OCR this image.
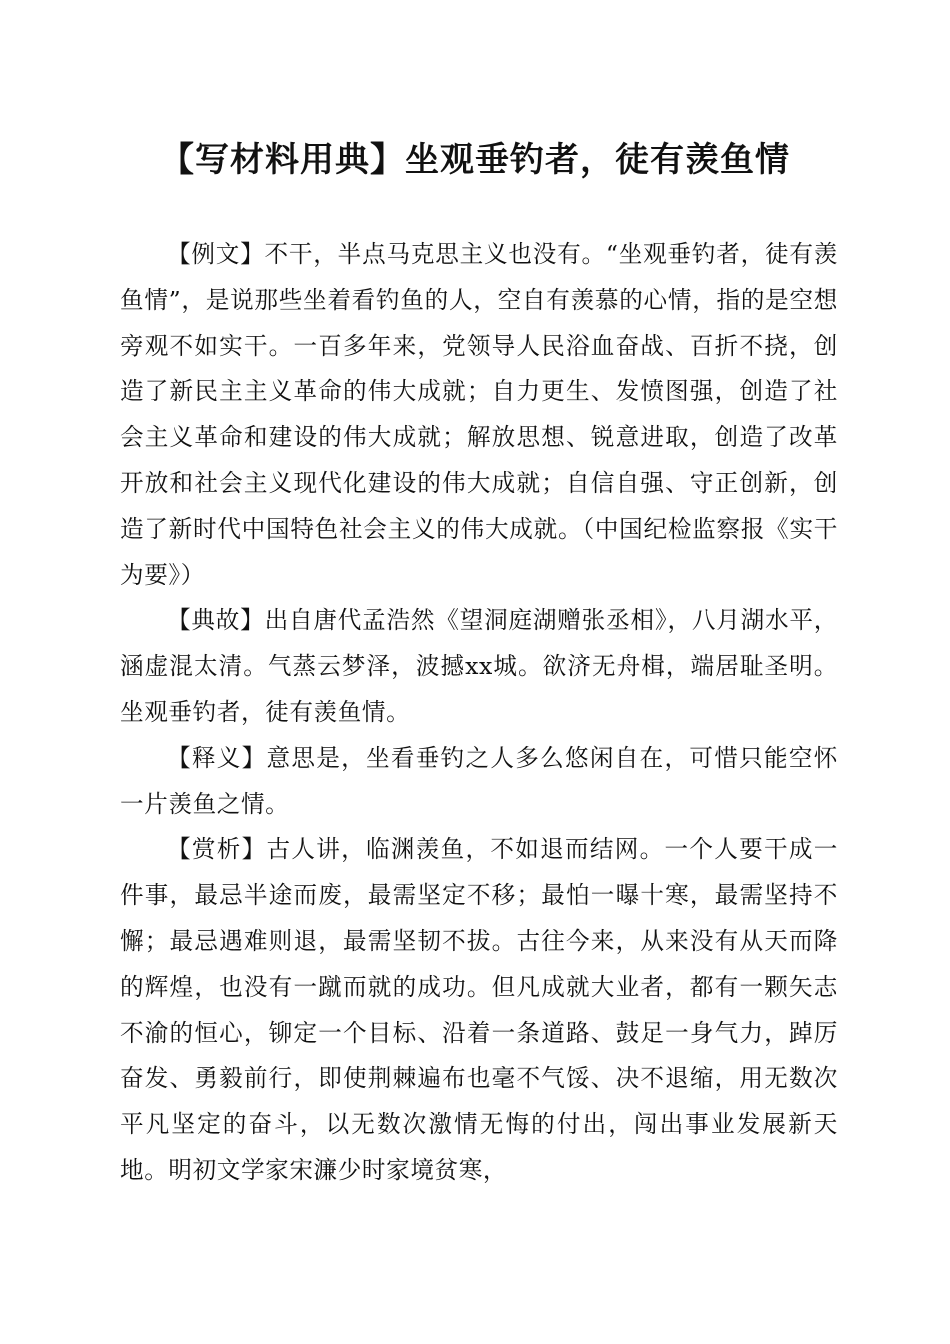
【写材料用典】坐观垂钓者，徒有羡鱼情

【例文】不干，半点马克思主义也没有。“坐观垂钓者，徒有羡鱼情”，是说那些坐着看钓鱼的人，空自有羡慕的心情，指的是空想旁观不如实干。一百多年来，党领导人民浴血奋战、百折不挠，创造了新民主主义革命的伟大成就；自力更生、发愤图强，创造了社会主义革命和建设的伟大成就；解放思想、锐意进取，创造了改革开放和社会主义现代化建设的伟大成就；自信自强、守正创新，创造了新时代中国特色社会主义的伟大成就。（中国纪检监察报《实干为要》）

【典故】出自唐代孟浩然《望洞庭湖赠张丞相》，八月湖水平，涵虚混太清。气蒸云梦泽，波撼xx城。欲济无舟楫，端居耻圣明。坐观垂钓者，徒有羡鱼情。

【释义】意思是，坐看垂钓之人多么悠闲自在，可惜只能空怀一片羡鱼之情。

【赏析】古人讲，临渊羡鱼，不如退而结网。一个人要干成一件事，最忌半途而废，最需坚定不移；最怕一曝十寒，最需坚持不懈；最忌遇难则退，最需坚韧不拔。古往今来，从来没有从天而降的辉煌，也没有一蹴而就的成功。但凡成就大业者，都有一颗矢志不渝的恒心，铆定一个目标、沿着一条道路、鼓足一身气力，踔厉奋发、勇毅前行，即使荆棘遍布也毫不气馁、决不退缩，用无数次平凡坚定的奋斗，以无数次激情无悔的付出，闯出事业发展新天地。明初文学家宋濂少时家境贫寒，
